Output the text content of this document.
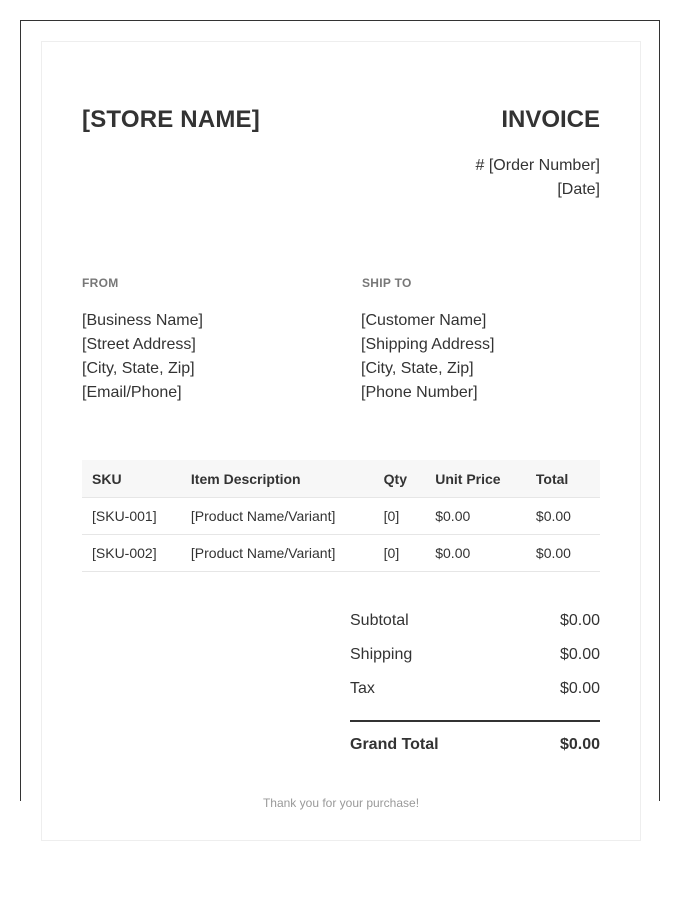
[STORE NAME]	INVOICE
# [Order Number]
[Date]
FROM	SHIP TO
[Business Name]
[Street Address]
[City, State, Zip]
[Email/Phone]
[Customer Name]
[Shipping Address]
[City, State, Zip]
[Phone Number]
SKU	Item Description	Qty	Unit Price	Total
[SKU-001]	[Product Name/Variant]	[0]	$0.00	$0.00
[SKU-002]	[Product Name/Variant]	[0]	$0.00	$0.00
Subtotal	$0.00
Shipping	$0.00
Tax	$0.00
Grand Total	$0.00
Thank you for your purchase!
